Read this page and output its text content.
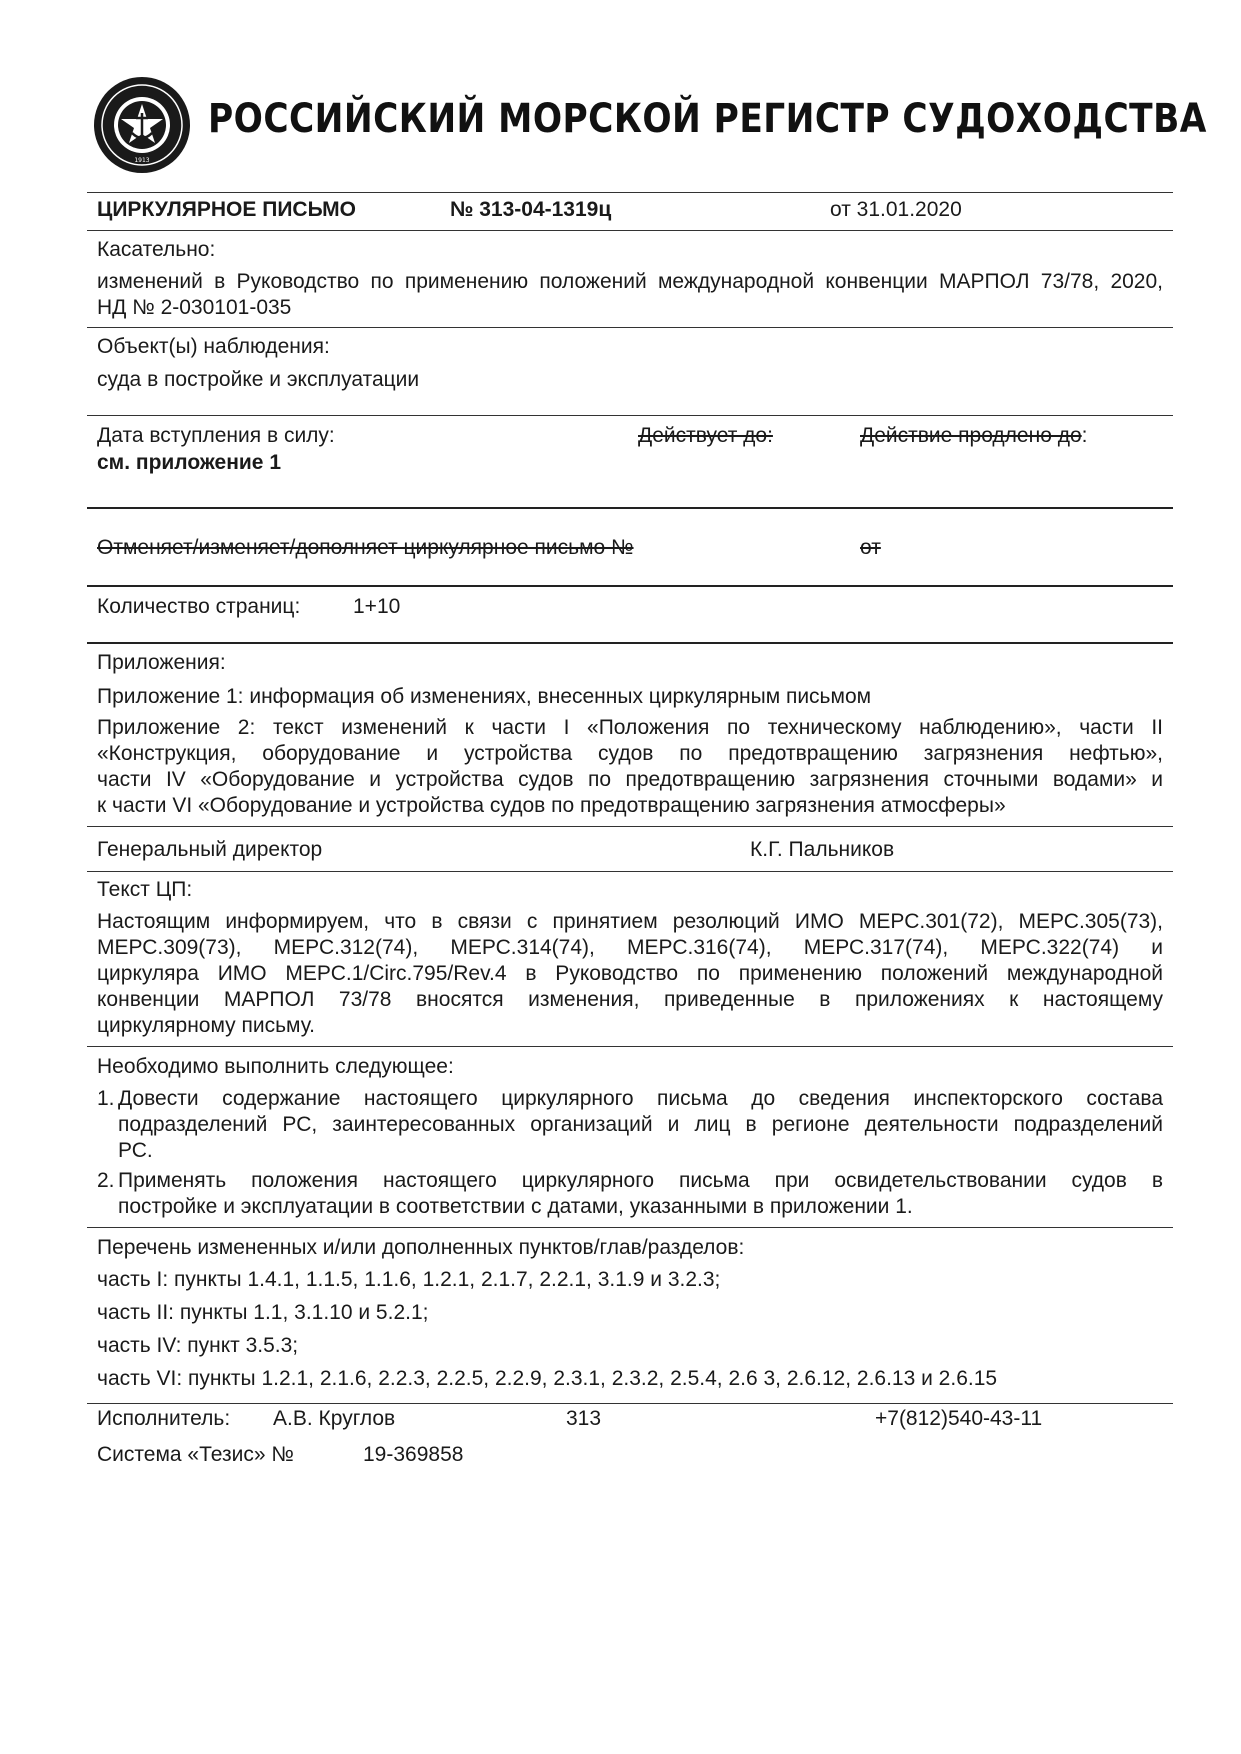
1913
РОССИЙСКИЙ МОРСКОЙ РЕГИСТР СУДОХОДСТВА
ЦИРКУЛЯРНОЕ ПИСЬМО	№ 313-04-1319ц	от 31.01.2020
Касательно:
изменений в Руководство по применению положений международной конвенции МАРПОЛ 73/78, 2020,
НД № 2-030101-035
Объект(ы) наблюдения:
суда в постройке и эксплуатации
Дата вступления в силу:
см. приложение 1
Действует до:	Действие продлено до:
Отменяет/изменяет/дополняет циркулярное письмо №	от
Количество страниц:	1+10
Приложения:
Приложение 1: информация об изменениях, внесенных циркулярным письмом
Приложение 2: текст изменений к части I «Положения по техническому наблюдению», части II
«Конструкция, оборудование и устройства судов по предотвращению загрязнения нефтью»,
части IV «Оборудование и устройства судов по предотвращению загрязнения сточными водами» и
к части VI «Оборудование и устройства судов по предотвращению загрязнения атмосферы»
Генеральный директор	К.Г. Пальников
Текст ЦП:
Настоящим информируем, что в связи с принятием резолюций ИМО МЕРС.301(72), МЕРС.305(73),
МЕРС.309(73), МЕРС.312(74), МЕРС.314(74), МЕРС.316(74), МЕРС.317(74), МЕРС.322(74) и
циркуляра ИМО МЕРС.1/Circ.795/Rev.4 в Руководство по применению положений международной
конвенции МАРПОЛ 73/78 вносятся изменения, приведенные в приложениях к настоящему
циркулярному письму.
Необходимо выполнить следующее:
1. Довести содержание настоящего циркулярного письма до сведения инспекторского состава
подразделений РС, заинтересованных организаций и лиц в регионе деятельности подразделений
РС.
2. Применять положения настоящего циркулярного письма при освидетельствовании судов в
постройке и эксплуатации в соответствии с датами, указанными в приложении 1.
Перечень измененных и/или дополненных пунктов/глав/разделов:
часть I: пункты 1.4.1, 1.1.5, 1.1.6, 1.2.1, 2.1.7, 2.2.1, 3.1.9 и 3.2.3;
часть II: пункты 1.1, 3.1.10 и 5.2.1;
часть IV: пункт 3.5.3;
часть VI: пункты 1.2.1, 2.1.6, 2.2.3, 2.2.5, 2.2.9, 2.3.1, 2.3.2, 2.5.4, 2.6 3, 2.6.12, 2.6.13 и 2.6.15
Исполнитель: А.В. Круглов	313	+7(812)540-43-11
Система «Тезис» №	19-369858
